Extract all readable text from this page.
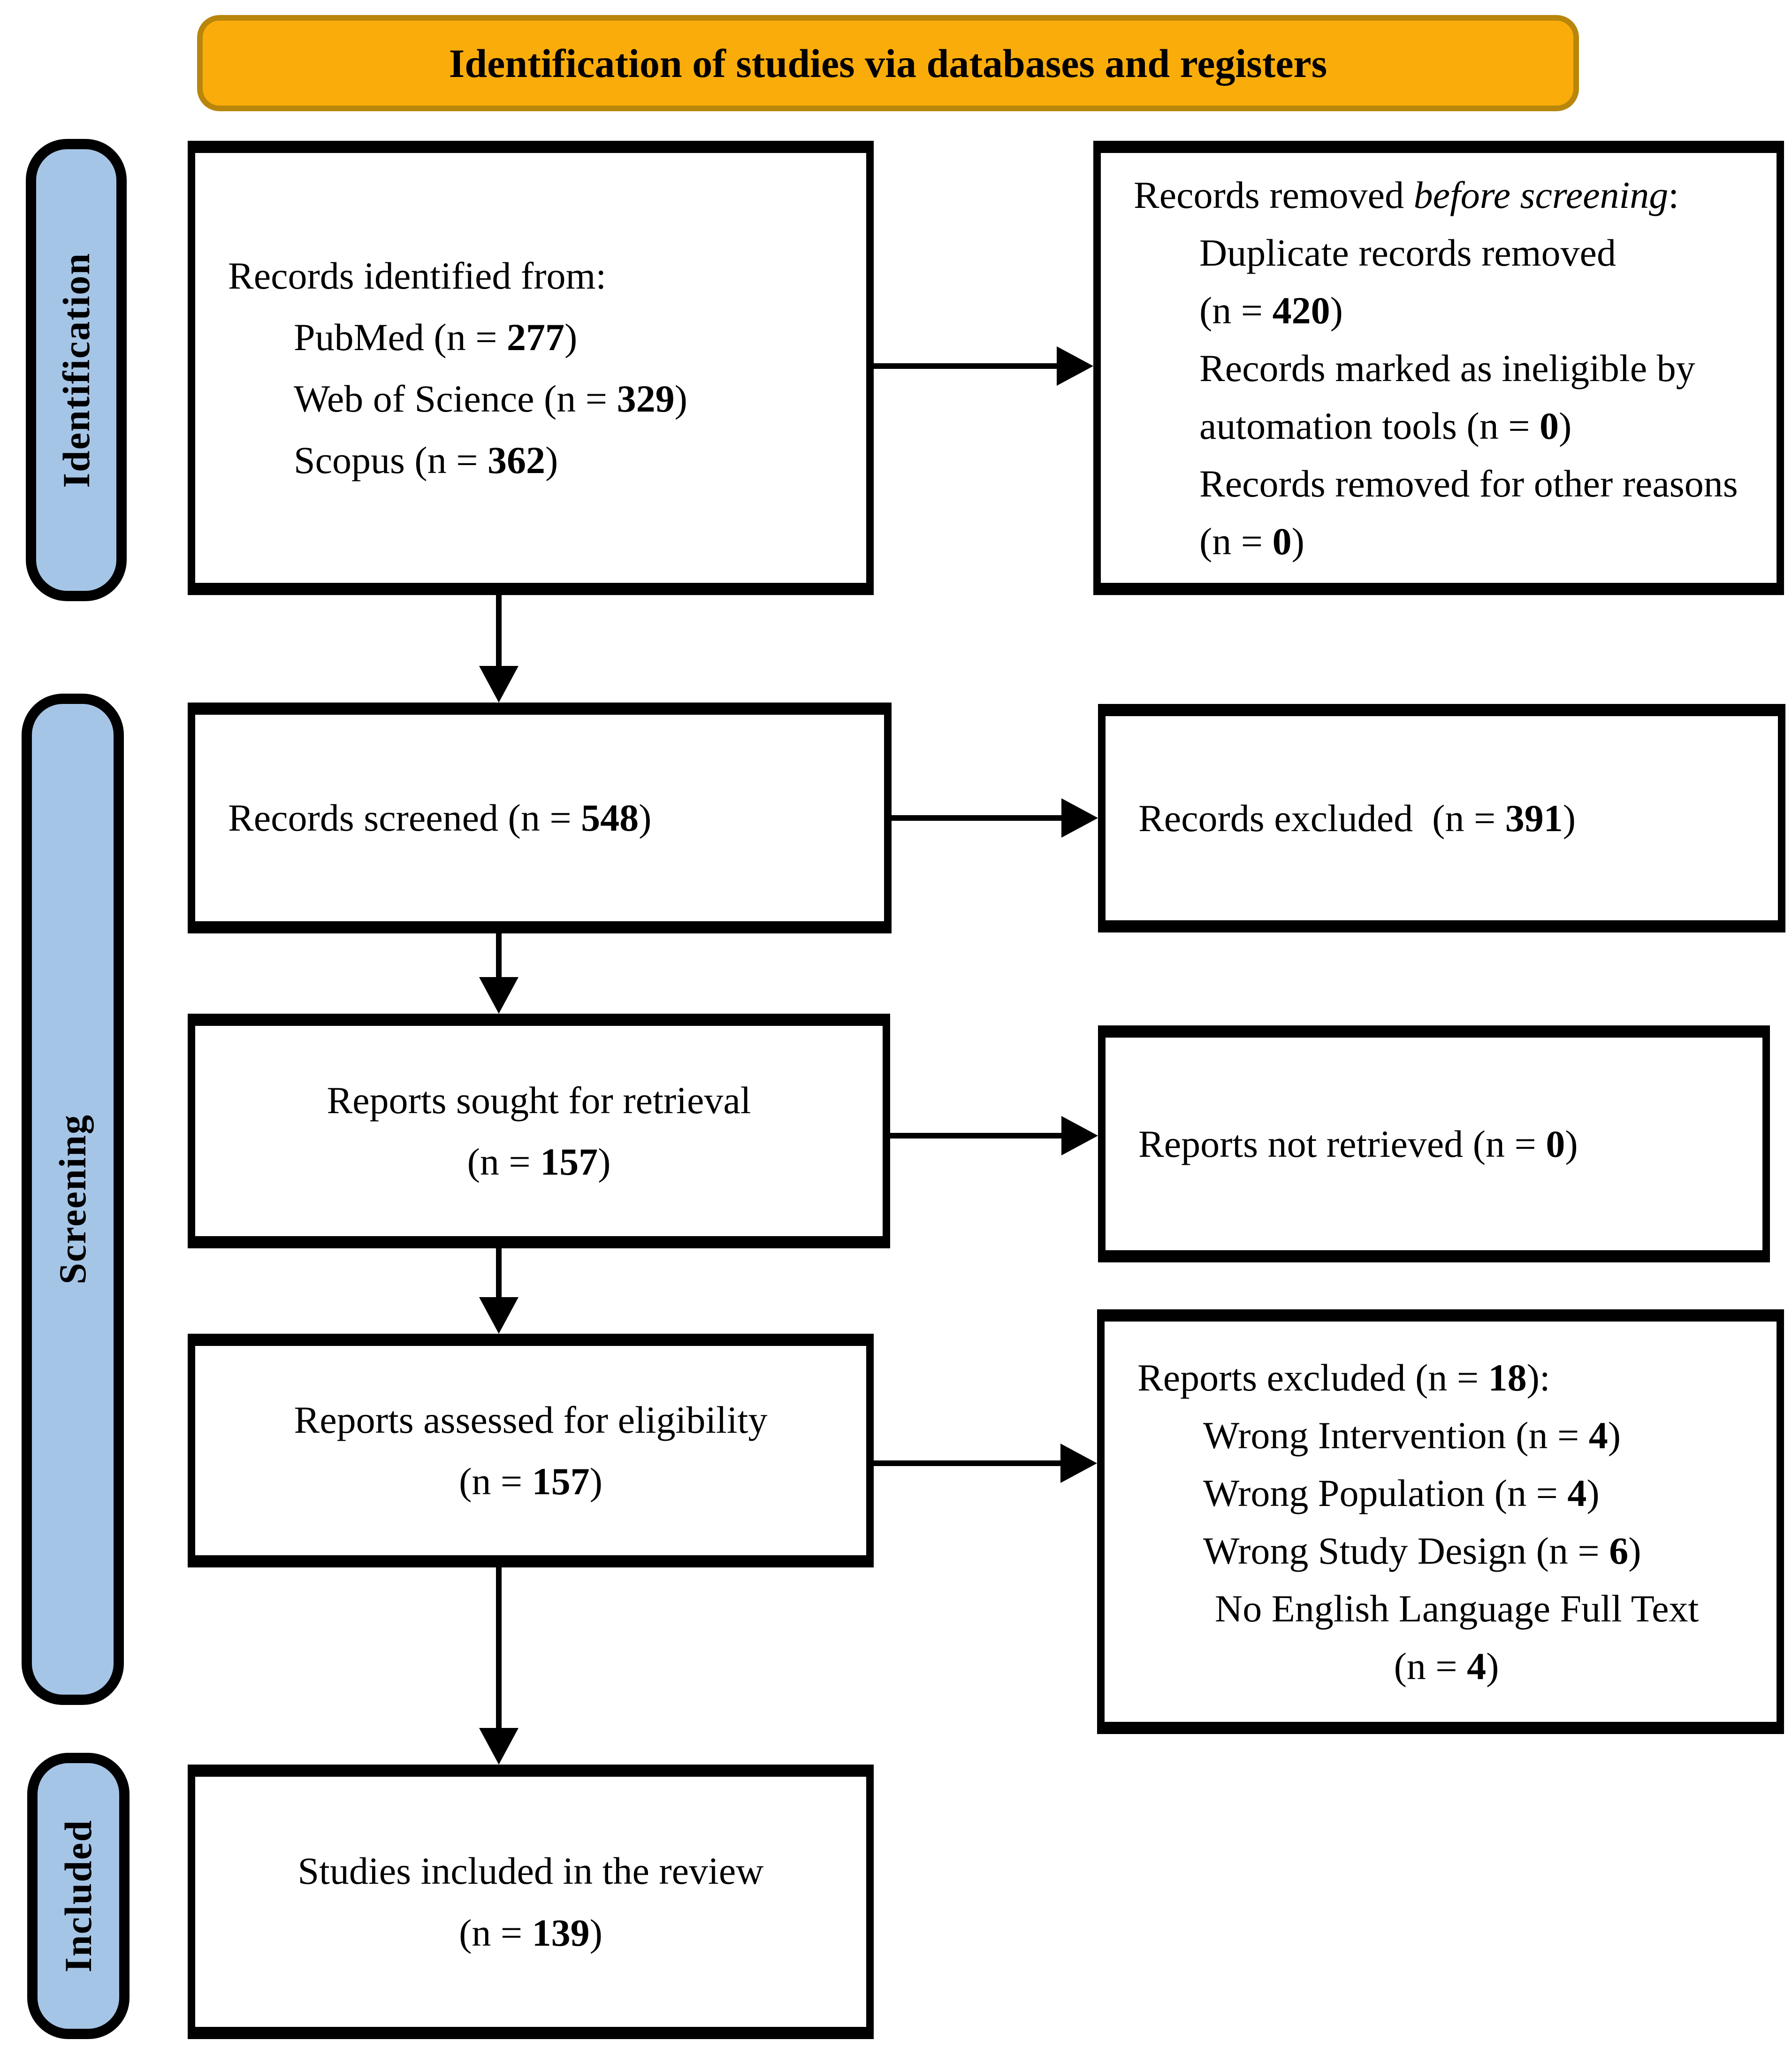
Identification of studies via databases and registers
Identification
Screening
Included
Records identified from:
PubMed (n = 277)
Web of Science (n = 329)
Scopus (n = 362)
Records removed before screening:
Duplicate records removed (n = 420)
Records marked as ineligible by automation tools (n = 0)
Records removed for other reasons (n = 0)
Records screened (n = 548)	Records excluded  (n = 391)
Reports sought for retrieval
(n = 157)	Reports not retrieved (n = 0)
Reports assessed for eligibility
(n = 157)
Reports excluded (n = 18):
Wrong Intervention (n = 4)
Wrong Population (n = 4)
Wrong Study Design (n = 6)
No English Language Full Text
(n = 4)
Studies included in the review
(n = 139)
